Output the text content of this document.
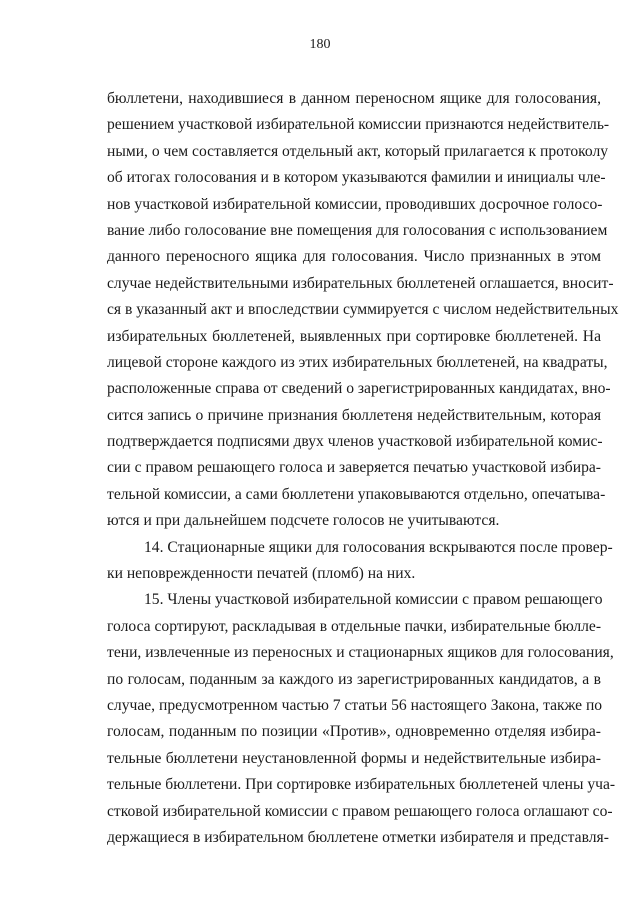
180
бюллетени, находившиеся в данном переносном ящике для голосования,
решением участковой избирательной комиссии признаются недействитель-
ными, о чем составляется отдельный акт, который прилагается к протоколу
об итогах голосования и в котором указываются фамилии и инициалы чле-
нов участковой избирательной комиссии, проводивших досрочное голосо-
вание либо голосование вне помещения для голосования с использованием
данного переносного ящика для голосования. Число признанных в этом
случае недействительными избирательных бюллетеней оглашается, вносит-
ся в указанный акт и впоследствии суммируется с числом недействительных
избирательных бюллетеней, выявленных при сортировке бюллетеней. На
лицевой стороне каждого из этих избирательных бюллетеней, на квадраты,
расположенные справа от сведений о зарегистрированных кандидатах, вно-
сится запись о причине признания бюллетеня недействительным, которая
подтверждается подписями двух членов участковой избирательной комис-
сии с правом решающего голоса и заверяется печатью участковой избира-
тельной комиссии, а сами бюллетени упаковываются отдельно, опечатыва-
ются и при дальнейшем подсчете голосов не учитываются.
14. Стационарные ящики для голосования вскрываются после провер-
ки неповрежденности печатей (пломб) на них.
15. Члены участковой избирательной комиссии с правом решающего
голоса сортируют, раскладывая в отдельные пачки, избирательные бюлле-
тени, извлеченные из переносных и стационарных ящиков для голосования,
по голосам, поданным за каждого из зарегистрированных кандидатов, а в
случае, предусмотренном частью 7 статьи 56 настоящего Закона, также по
голосам, поданным по позиции «Против», одновременно отделяя избира-
тельные бюллетени неустановленной формы и недействительные избира-
тельные бюллетени. При сортировке избирательных бюллетеней члены уча-
стковой избирательной комиссии с правом решающего голоса оглашают со-
держащиеся в избирательном бюллетене отметки избирателя и представля-
